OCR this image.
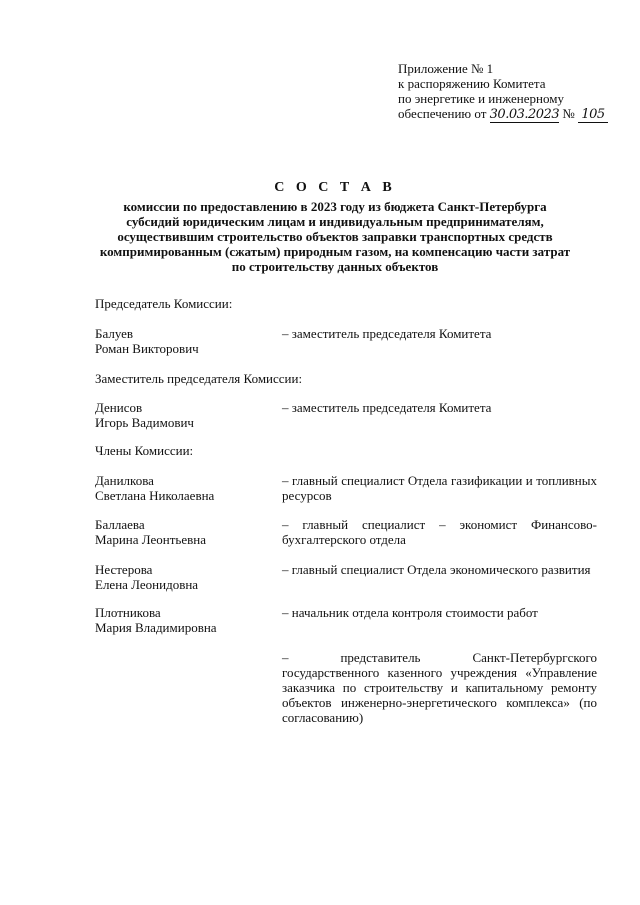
Приложение № 1
к распоряжению Комитета
по энергетике и инженерному
обеспечению от 30.03.2023 № 105
С О С Т А В
комиссии по предоставлению в 2023 году из бюджета Санкт-Петербурга
субсидий юридическим лицам и индивидуальным предпринимателям,
осуществившим строительство объектов заправки транспортных средств
компримированным (сжатым) природным газом, на компенсацию части затрат
по строительству данных объектов
Председатель Комиссии:
Балуев
Роман Викторович
– заместитель председателя Комитета
Заместитель председателя Комиссии:
Денисов
Игорь Вадимович
– заместитель председателя Комитета
Члены Комиссии:
Данилкова
Светлана Николаевна
– главный специалист Отдела газификации и топливных ресурсов
Баллаева
Марина Леонтьевна
– главный специалист – экономист Финансово-бухгалтерского отдела
Нестерова
Елена Леонидовна
– главный специалист Отдела экономического развития
Плотникова
Мария Владимировна
– начальник отдела контроля стоимости работ
– представитель Санкт-Петербургского государственного казенного учреждения «Управление заказчика по строительству и капитальному ремонту объектов инженерно-энергетического комплекса» (по согласованию)
